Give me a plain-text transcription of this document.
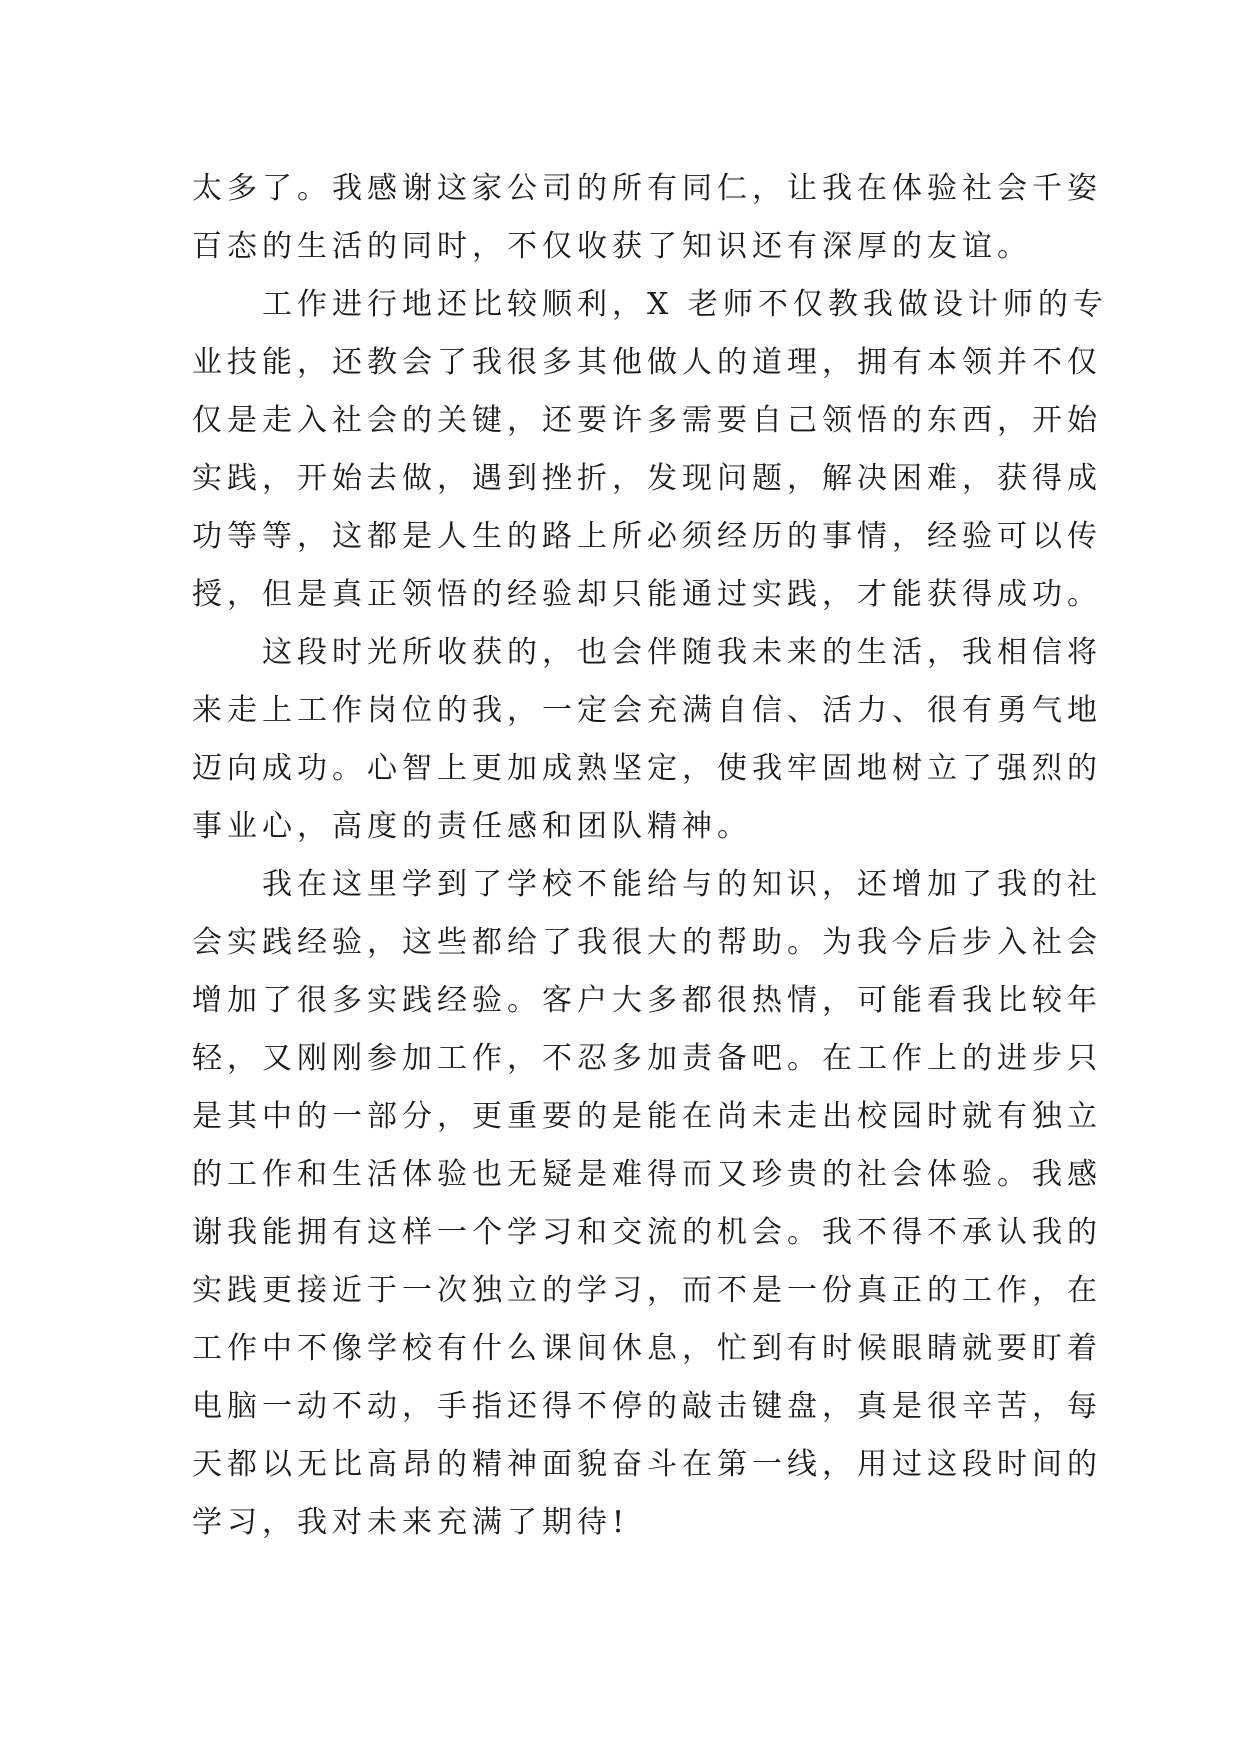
太多了。我感谢这家公司的所有同仁，让我在体验社会千姿
百态的生活的同时，不仅收获了知识还有深厚的友谊。
　　工作进行地还比较顺利，X 老师不仅教我做设计师的专
业技能，还教会了我很多其他做人的道理，拥有本领并不仅
仅是走入社会的关键，还要许多需要自己领悟的东西，开始
实践，开始去做，遇到挫折，发现问题，解决困难，获得成
功等等，这都是人生的路上所必须经历的事情，经验可以传
授，但是真正领悟的经验却只能通过实践，才能获得成功。
　　这段时光所收获的，也会伴随我未来的生活，我相信将
来走上工作岗位的我，一定会充满自信、活力、很有勇气地
迈向成功。心智上更加成熟坚定，使我牢固地树立了强烈的
事业心，高度的责任感和团队精神。
　　我在这里学到了学校不能给与的知识，还增加了我的社
会实践经验，这些都给了我很大的帮助。为我今后步入社会
增加了很多实践经验。客户大多都很热情，可能看我比较年
轻，又刚刚参加工作，不忍多加责备吧。在工作上的进步只
是其中的一部分，更重要的是能在尚未走出校园时就有独立
的工作和生活体验也无疑是难得而又珍贵的社会体验。我感
谢我能拥有这样一个学习和交流的机会。我不得不承认我的
实践更接近于一次独立的学习，而不是一份真正的工作，在
工作中不像学校有什么课间休息，忙到有时候眼睛就要盯着
电脑一动不动，手指还得不停的敲击键盘，真是很辛苦，每
天都以无比高昂的精神面貌奋斗在第一线，用过这段时间的
学习，我对未来充满了期待!
